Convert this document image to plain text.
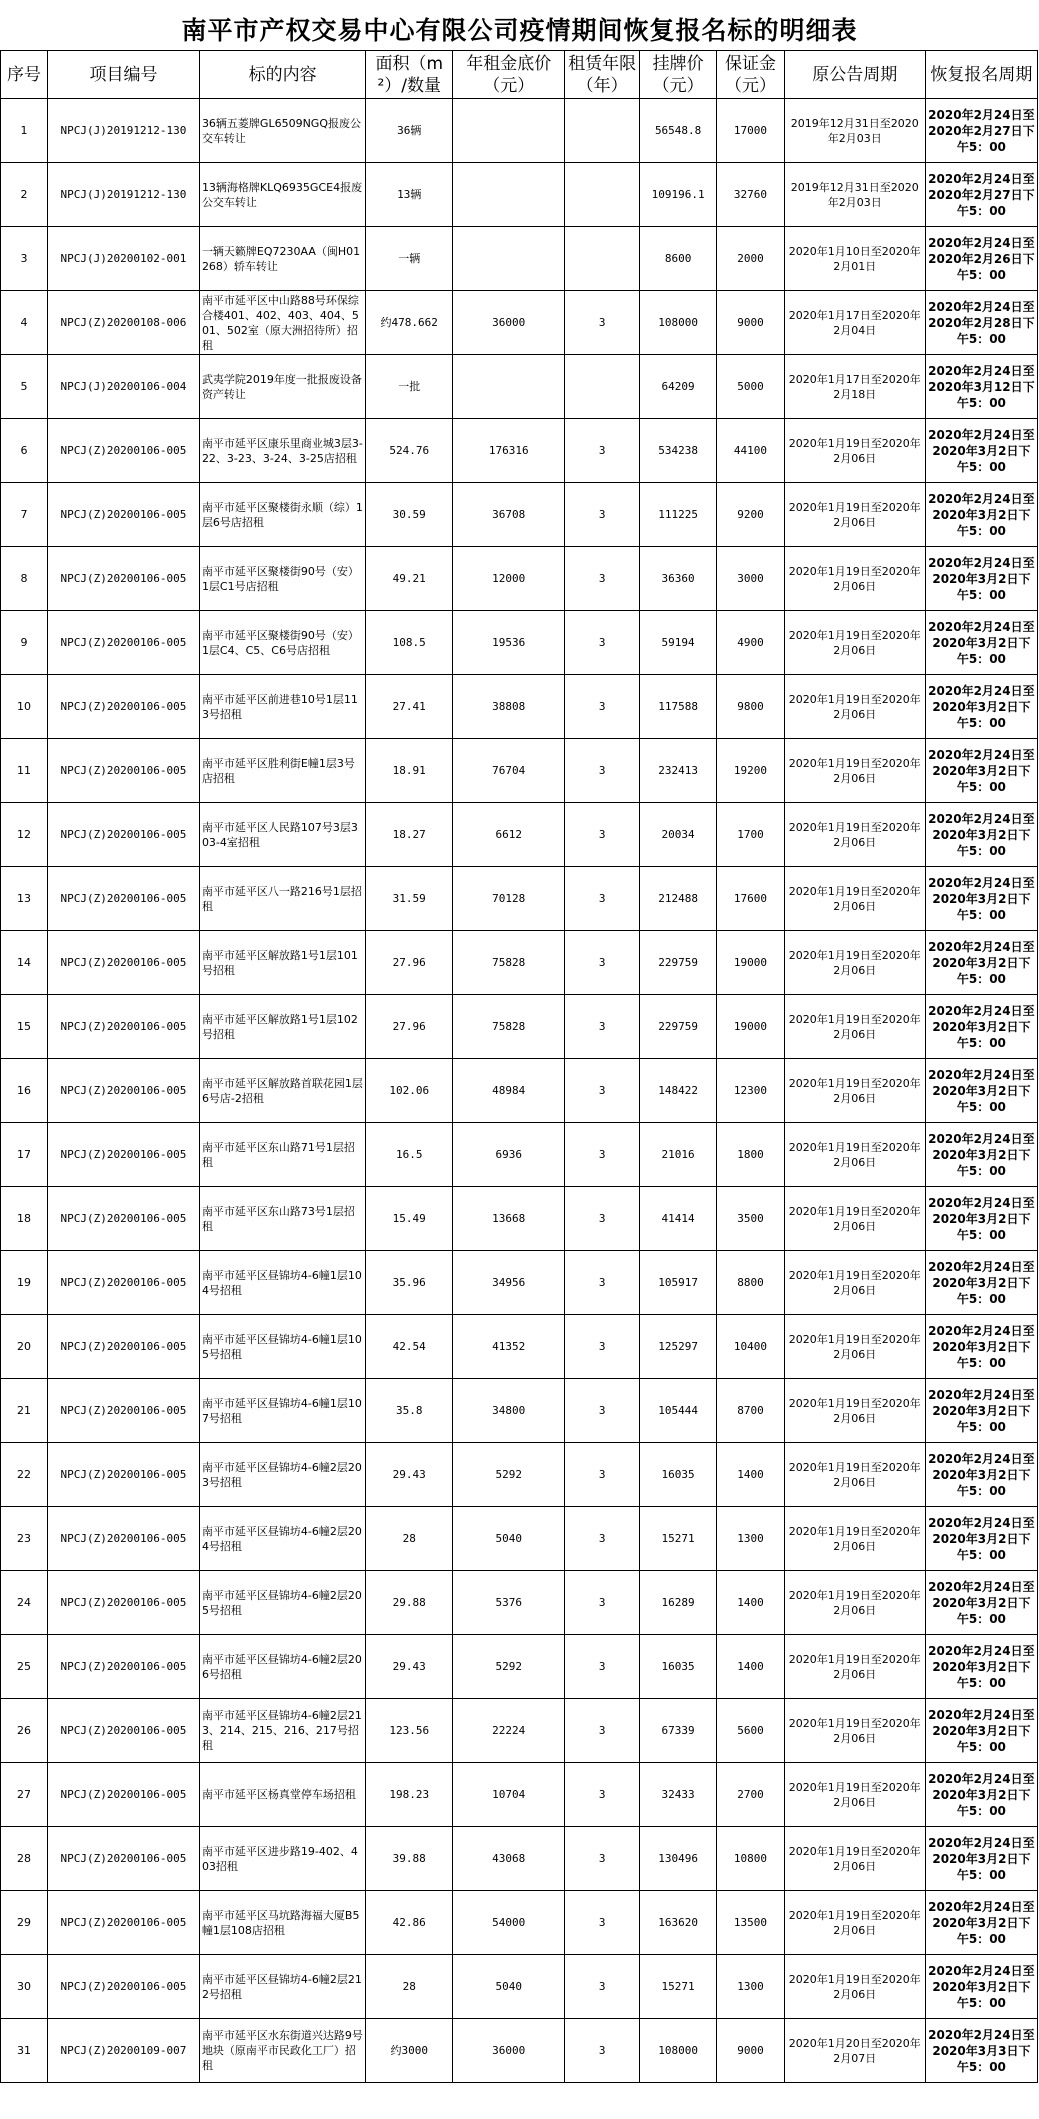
南平市产权交易中心有限公司疫情期间恢复报名标的明细表
序号	项目编号	标的内容	面积（m²）/数量	年租金底价（元）	租赁年限（年）	挂牌价（元）	保证金（元）	原公告周期	恢复报名周期
1	NPCJ(J)20191212-130	36辆五菱牌GL6509NGQ报废公交车转让	36辆			56548.8	17000	2019年12月31日至2020年2月03日	2020年2月24日至2020年2月27日下午5：00
2	NPCJ(J)20191212-130	13辆海格牌KLQ6935GCE4报废公交车转让	13辆			109196.1	32760	2019年12月31日至2020年2月03日	2020年2月24日至2020年2月27日下午5：00
3	NPCJ(J)20200102-001	一辆天籁牌EQ7230AA（闽H01268）轿车转让	一辆			8600	2000	2020年1月10日至2020年2月01日	2020年2月24日至2020年2月26日下午5：00
4	NPCJ(Z)20200108-006	南平市延平区中山路88号环保综合楼401、402、403、404、501、502室（原大洲招待所）招租	约478.662	36000	3	108000	9000	2020年1月17日至2020年2月04日	2020年2月24日至2020年2月28日下午5：00
5	NPCJ(J)20200106-004	武夷学院2019年度一批报废设备资产转让	一批			64209	5000	2020年1月17日至2020年2月18日	2020年2月24日至2020年3月12日下午5：00
6	NPCJ(Z)20200106-005	南平市延平区康乐里商业城3层3-22、3-23、3-24、3-25店招租	524.76	176316	3	534238	44100	2020年1月19日至2020年2月06日	2020年2月24日至2020年3月2日下午5：00
7	NPCJ(Z)20200106-005	南平市延平区聚楼街永顺（综）1层6号店招租	30.59	36708	3	111225	9200	2020年1月19日至2020年2月06日	2020年2月24日至2020年3月2日下午5：00
8	NPCJ(Z)20200106-005	南平市延平区聚楼街90号（安）1层C1号店招租	49.21	12000	3	36360	3000	2020年1月19日至2020年2月06日	2020年2月24日至2020年3月2日下午5：00
9	NPCJ(Z)20200106-005	南平市延平区聚楼街90号（安）1层C4、C5、C6号店招租	108.5	19536	3	59194	4900	2020年1月19日至2020年2月06日	2020年2月24日至2020年3月2日下午5：00
10	NPCJ(Z)20200106-005	南平市延平区前进巷10号1层113号招租	27.41	38808	3	117588	9800	2020年1月19日至2020年2月06日	2020年2月24日至2020年3月2日下午5：00
11	NPCJ(Z)20200106-005	南平市延平区胜利街E幢1层3号店招租	18.91	76704	3	232413	19200	2020年1月19日至2020年2月06日	2020年2月24日至2020年3月2日下午5：00
12	NPCJ(Z)20200106-005	南平市延平区人民路107号3层303-4室招租	18.27	6612	3	20034	1700	2020年1月19日至2020年2月06日	2020年2月24日至2020年3月2日下午5：00
13	NPCJ(Z)20200106-005	南平市延平区八一路216号1层招租	31.59	70128	3	212488	17600	2020年1月19日至2020年2月06日	2020年2月24日至2020年3月2日下午5：00
14	NPCJ(Z)20200106-005	南平市延平区解放路1号1层101号招租	27.96	75828	3	229759	19000	2020年1月19日至2020年2月06日	2020年2月24日至2020年3月2日下午5：00
15	NPCJ(Z)20200106-005	南平市延平区解放路1号1层102号招租	27.96	75828	3	229759	19000	2020年1月19日至2020年2月06日	2020年2月24日至2020年3月2日下午5：00
16	NPCJ(Z)20200106-005	南平市延平区解放路首联花园1层6号店-2招租	102.06	48984	3	148422	12300	2020年1月19日至2020年2月06日	2020年2月24日至2020年3月2日下午5：00
17	NPCJ(Z)20200106-005	南平市延平区东山路71号1层招租	16.5	6936	3	21016	1800	2020年1月19日至2020年2月06日	2020年2月24日至2020年3月2日下午5：00
18	NPCJ(Z)20200106-005	南平市延平区东山路73号1层招租	15.49	13668	3	41414	3500	2020年1月19日至2020年2月06日	2020年2月24日至2020年3月2日下午5：00
19	NPCJ(Z)20200106-005	南平市延平区昼锦坊4-6幢1层104号招租	35.96	34956	3	105917	8800	2020年1月19日至2020年2月06日	2020年2月24日至2020年3月2日下午5：00
20	NPCJ(Z)20200106-005	南平市延平区昼锦坊4-6幢1层105号招租	42.54	41352	3	125297	10400	2020年1月19日至2020年2月06日	2020年2月24日至2020年3月2日下午5：00
21	NPCJ(Z)20200106-005	南平市延平区昼锦坊4-6幢1层107号招租	35.8	34800	3	105444	8700	2020年1月19日至2020年2月06日	2020年2月24日至2020年3月2日下午5：00
22	NPCJ(Z)20200106-005	南平市延平区昼锦坊4-6幢2层203号招租	29.43	5292	3	16035	1400	2020年1月19日至2020年2月06日	2020年2月24日至2020年3月2日下午5：00
23	NPCJ(Z)20200106-005	南平市延平区昼锦坊4-6幢2层204号招租	28	5040	3	15271	1300	2020年1月19日至2020年2月06日	2020年2月24日至2020年3月2日下午5：00
24	NPCJ(Z)20200106-005	南平市延平区昼锦坊4-6幢2层205号招租	29.88	5376	3	16289	1400	2020年1月19日至2020年2月06日	2020年2月24日至2020年3月2日下午5：00
25	NPCJ(Z)20200106-005	南平市延平区昼锦坊4-6幢2层206号招租	29.43	5292	3	16035	1400	2020年1月19日至2020年2月06日	2020年2月24日至2020年3月2日下午5：00
26	NPCJ(Z)20200106-005	南平市延平区昼锦坊4-6幢2层213、214、215、216、217号招租	123.56	22224	3	67339	5600	2020年1月19日至2020年2月06日	2020年2月24日至2020年3月2日下午5：00
27	NPCJ(Z)20200106-005	南平市延平区杨真堂停车场招租	198.23	10704	3	32433	2700	2020年1月19日至2020年2月06日	2020年2月24日至2020年3月2日下午5：00
28	NPCJ(Z)20200106-005	南平市延平区进步路19-402、403招租	39.88	43068	3	130496	10800	2020年1月19日至2020年2月06日	2020年2月24日至2020年3月2日下午5：00
29	NPCJ(Z)20200106-005	南平市延平区马坑路海福大厦B5幢1层108店招租	42.86	54000	3	163620	13500	2020年1月19日至2020年2月06日	2020年2月24日至2020年3月2日下午5：00
30	NPCJ(Z)20200106-005	南平市延平区昼锦坊4-6幢2层212号招租	28	5040	3	15271	1300	2020年1月19日至2020年2月06日	2020年2月24日至2020年3月2日下午5：00
31	NPCJ(Z)20200109-007	南平市延平区水东街道兴达路9号地块（原南平市民政化工厂）招租	约3000	36000	3	108000	9000	2020年1月20日至2020年2月07日	2020年2月24日至2020年3月3日下午5：00
